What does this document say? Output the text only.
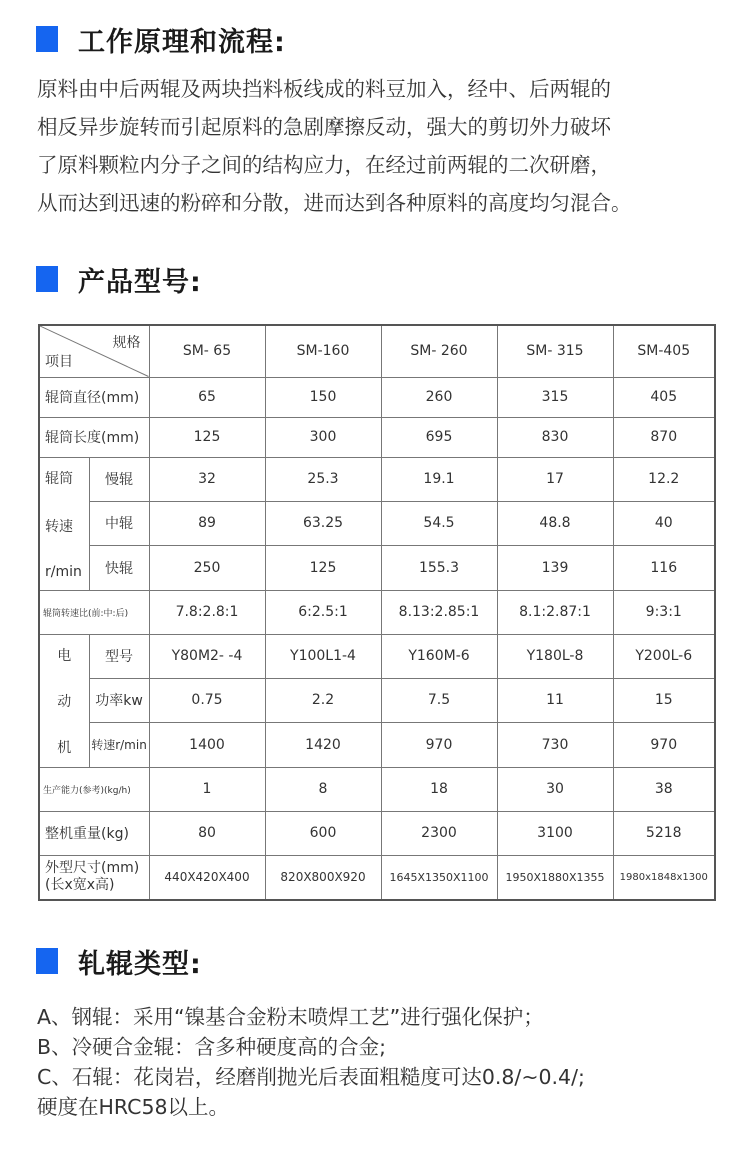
工作原理和流程:

原料由中后两辊及两块挡料板线成的料豆加入，经中、后两辊的

相反异步旋转而引起原料的急剧摩擦反动，强大的剪切外力破坏

了原料颗粒内分子之间的结构应力，在经过前两辊的二次研磨，

从而达到迅速的粉碎和分散，进而达到各种原料的高度均匀混合。

产品型号:
规格
项目		SM- 65	SM-160	SM- 260	SM- 315	SM-405
辊筒直径(mm)		65	150	260	315	405
辊筒长度(mm)		125	300	695	830	870

辊筒
转速
r/min	慢辊	32	25.3	19.1	17	12.2
	中辊	89	63.25	54.5	48.8	40
	快辊	250	125	155.3	139	116
辊筒转速比(前:中:后)		7.8:2.8:1	6:2.5:1	8.13:2.85:1	8.1:2.87:1	9:3:1

电
动
机	型号	Y80M2- -4	Y100L1-4	Y160M-6	Y180L-8	Y200L-6
	功率kw	0.75	2.2	7.5	11	15
	转速r/min	1400	1420	970	730	970
生产能力(参考)(kg/h)		1	8	18	30	38
整机重量(kg)		80	600	2300	3100	5218

外型尺寸(mm)
(长x宽x高)		440X420X400	820X800X920	1645X1350X1100	1950X1880X1355	1980x1848x1300
轧辊类型:

A、钢辊：采用“镍基合金粉末喷焊工艺”进行强化保护；

B、冷硬合金辊：含多种硬度高的合金;

C、石辊：花岗岩，经磨削抛光后表面粗糙度可达0.8/~0.4/;

硬度在HRC58以上。
